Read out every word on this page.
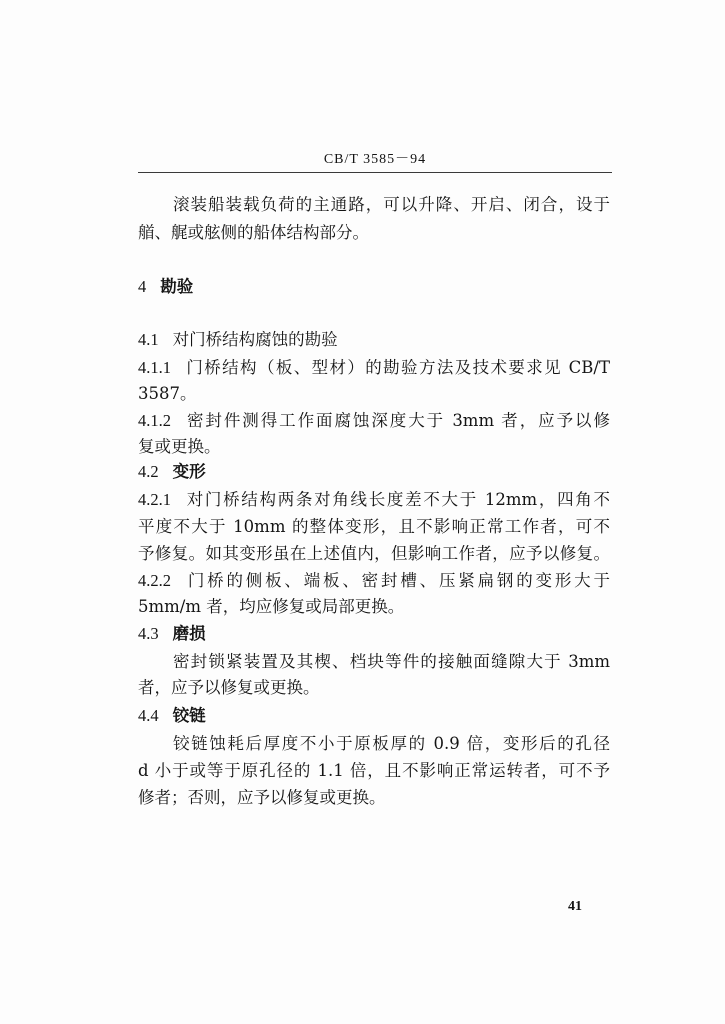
CB/T 3585－94
滚装船装载负荷的主通路，可以升降、开启、闭合，设于
艏、艉或舷侧的船体结构部分。
4 勘验
4.1 对门桥结构腐蚀的勘验
4.1.1 门桥结构（板、型材）的勘验方法及技术要求见 CB/T
3587。
4.1.2 密封件测得工作面腐蚀深度大于 3mm 者，应予以修
复或更换。
4.2 变形
4.2.1 对门桥结构两条对角线长度差不大于 12mm，四角不
平度不大于 10mm 的整体变形，且不影响正常工作者，可不
予修复。如其变形虽在上述值内，但影响工作者，应予以修复。
4.2.2 门桥的侧板、端板、密封槽、压紧扁钢的变形大于
5mm/m 者，均应修复或局部更换。
4.3 磨损
密封锁紧装置及其楔、档块等件的接触面缝隙大于 3mm
者，应予以修复或更换。
4.4 铰链
铰链蚀耗后厚度不小于原板厚的 0.9 倍，变形后的孔径
d 小于或等于原孔径的 1.1 倍，且不影响正常运转者，可不予
修者；否则，应予以修复或更换。
41
